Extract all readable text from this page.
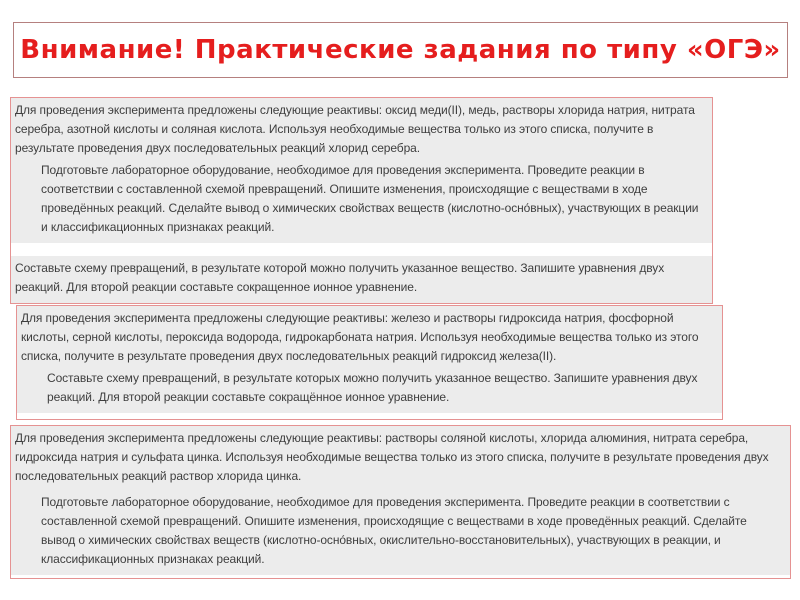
Внимание! Практические задания по типу «ОГЭ»

Для проведения эксперимента предложены следующие реактивы: оксид меди(II), медь, растворы хлорида натрия, нитрата серебра, азотной кислоты и соляная кислота. Используя необходимые вещества только из этого списка, получите в результате проведения двух последовательных реакций хлорид серебра.

Подготовьте лабораторное оборудование, необходимое для проведения эксперимента. Проведите реакции в соответствии с составленной схемой превращений. Опишите изменения, происходящие с веществами в ходе проведённых реакций. Сделайте вывод о химических свойствах веществ (кислотно-осно́вных), участвующих в реакции и классификационных признаках реакций.

Составьте схему превращений, в результате которой можно получить указанное вещество. Запишите уравнения двух реакций. Для второй реакции составьте сокращенное ионное уравнение.

Для проведения эксперимента предложены следующие реактивы: железо и растворы гидроксида натрия, фосфорной кислоты, серной кислоты, пероксида водорода, гидрокарбоната натрия. Используя необходимые вещества только из этого списка, получите в результате проведения двух последовательных реакций гидроксид железа(II).

Составьте схему превращений, в результате которых можно получить указанное вещество. Запишите уравнения двух реакций. Для второй реакции составьте сокращённое ионное уравнение.

Для проведения эксперимента предложены следующие реактивы: растворы соляной кислоты, хлорида алюминия, нитрата серебра, гидроксида натрия и сульфата цинка. Используя необходимые вещества только из этого списка, получите в результате проведения двух последовательных реакций раствор хлорида цинка.

Подготовьте лабораторное оборудование, необходимое для проведения эксперимента. Проведите реакции в соответствии с составленной схемой превращений. Опишите изменения, происходящие с веществами в ходе проведённых реакций. Сделайте вывод о химических свойствах веществ (кислотно-осно́вных, окислительно-восстановительных), участвующих в реакции, и классификационных признаках реакций.
